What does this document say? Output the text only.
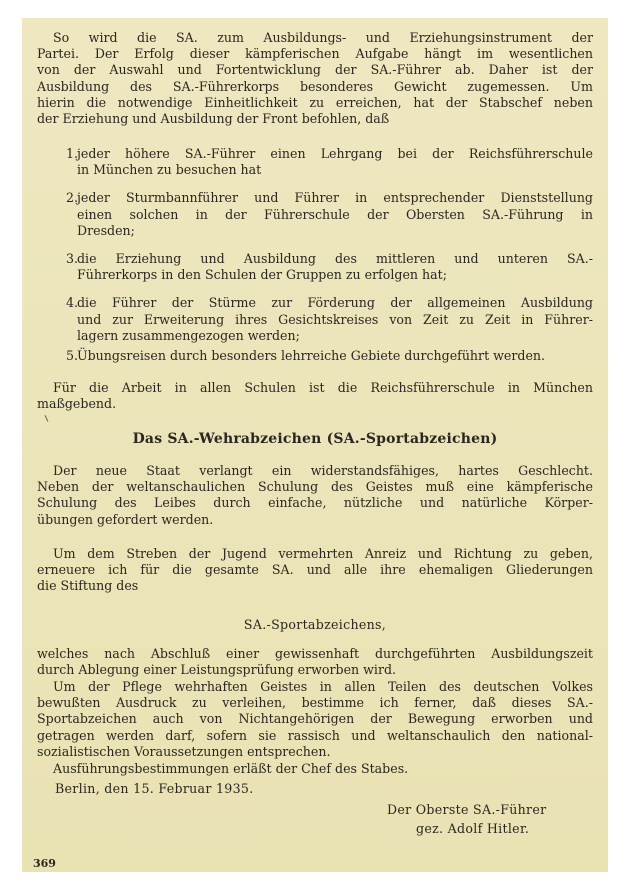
So wird die SA. zum Ausbildungs- und Erziehungsinstrument der
Partei. Der Erfolg dieser kämpferischen Aufgabe hängt im wesentlichen
von der Auswahl und Fortentwicklung der SA.-Führer ab. Daher ist der
Ausbildung des SA.-Führerkorps besonderes Gewicht zugemessen. Um
hierin die notwendige Einheitlichkeit zu erreichen, hat der Stabschef neben
der Erziehung und Ausbildung der Front befohlen, daß

1.
jeder höhere SA.-Führer einen Lehrgang bei der Reichsführerschule
in München zu besuchen hat
2.
jeder Sturmbannführer und Führer in entsprechender Dienststellung
einen solchen in der Führerschule der Obersten SA.-Führung in
Dresden;
3.
die Erziehung und Ausbildung des mittleren und unteren SA.-
Führerkorps in den Schulen der Gruppen zu erfolgen hat;
4.
die Führer der Stürme zur Förderung der allgemeinen Ausbildung
und zur Erweiterung ihres Gesichtskreises von Zeit zu Zeit in Führer-
lagern zusammengezogen werden;
5.
Übungsreisen durch besonders lehrreiche Gebiete durchgeführt werden.

Für die Arbeit in allen Schulen ist die Reichsführerschule in München
maßgebend.

Das SA.-Wehrabzeichen (SA.-Sportabzeichen)

Der neue Staat verlangt ein widerstandsfähiges, hartes Geschlecht.
Neben der weltanschaulichen Schulung des Geistes muß eine kämpferische
Schulung des Leibes durch einfache, nützliche und natürliche Körper-
übungen gefordert werden.

Um dem Streben der Jugend vermehrten Anreiz und Richtung zu geben,
erneuere ich für die gesamte SA. und alle ihre ehemaligen Gliederungen
die Stiftung des

SA.-Sportabzeichens,

welches nach Abschluß einer gewissenhaft durchgeführten Ausbildungszeit
durch Ablegung einer Leistungsprüfung erworben wird.

Um der Pflege wehrhaften Geistes in allen Teilen des deutschen Volkes
bewußten Ausdruck zu verleihen, bestimme ich ferner, daß dieses SA.-
Sportabzeichen auch von Nichtangehörigen der Bewegung erworben und
getragen werden darf, sofern sie rassisch und weltanschaulich den national-
sozialistischen Voraussetzungen entsprechen.

Ausführungsbestimmungen erläßt der Chef des Stabes.

Berlin, den 15. Februar 1935.
Der Oberste SA.-Führer
gez. Adolf Hitler.
369
